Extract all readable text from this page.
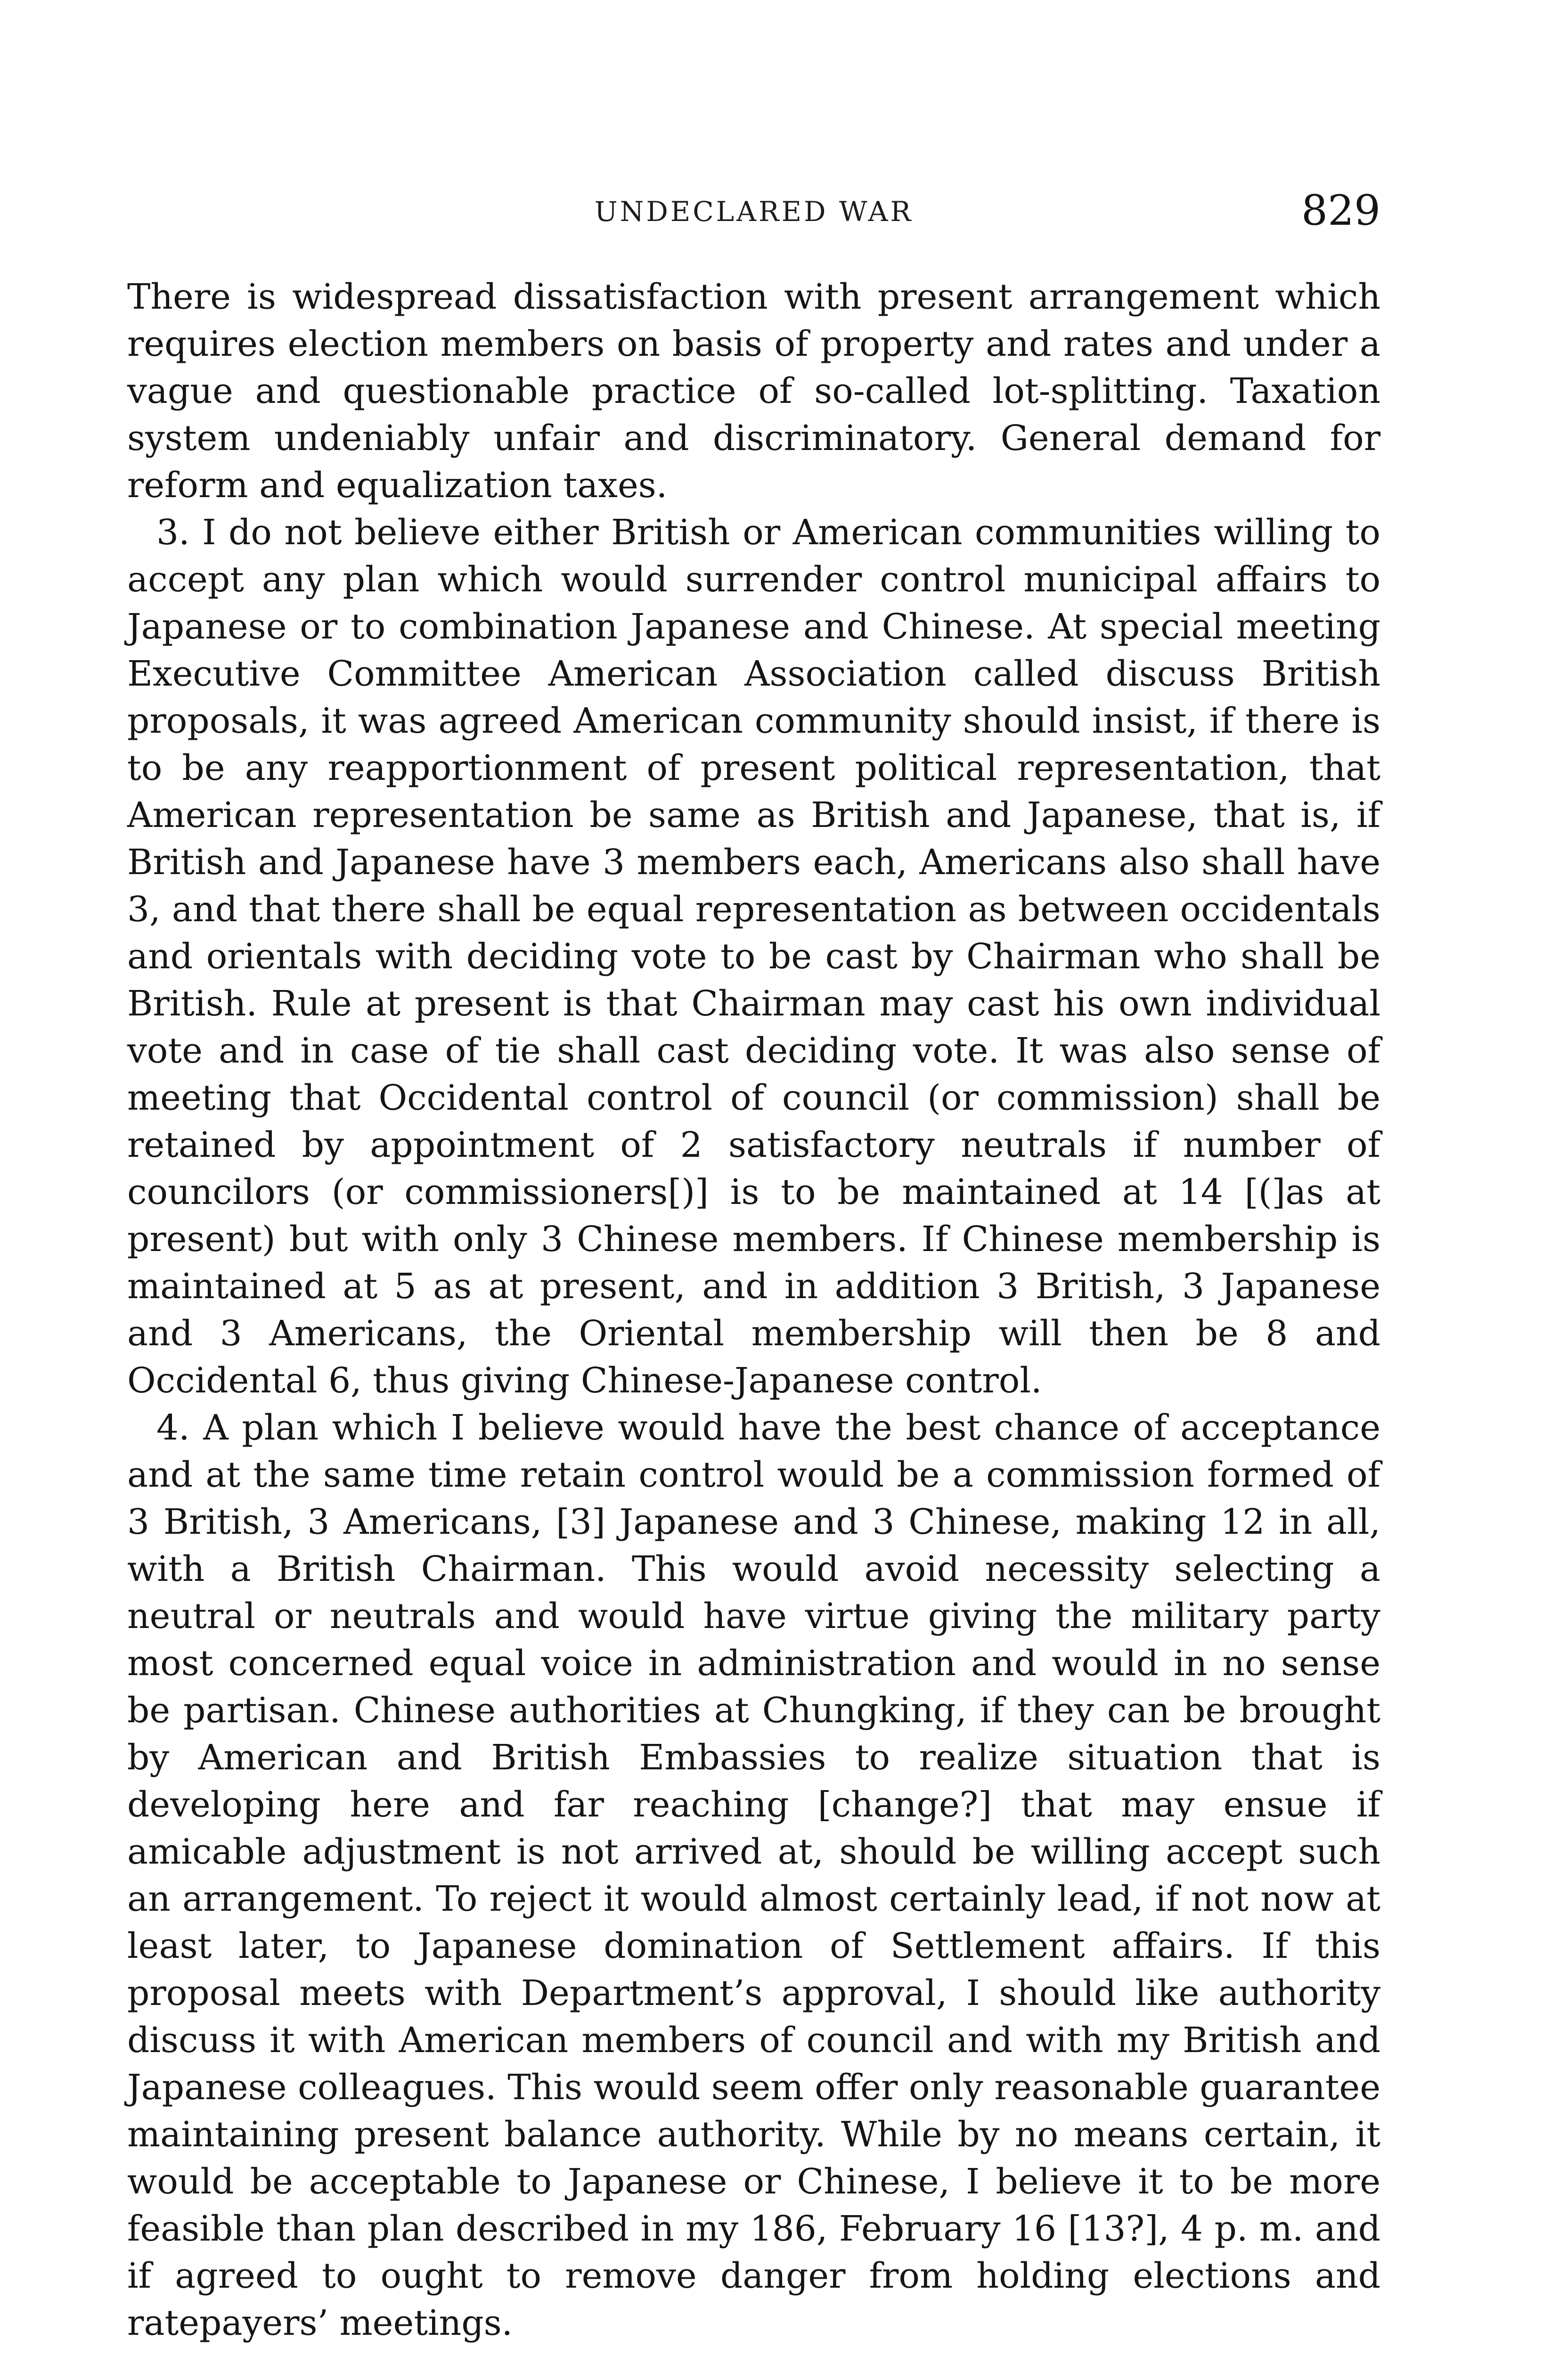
UNDECLARED WAR	829

There is widespread dissatisfaction with present arrangement which requires election members on basis of property and rates and under a vague and questionable practice of so-called lot-splitting. Taxation system undeniably unfair and discriminatory. General demand for reform and equalization taxes.

3. I do not believe either British or American communities willing to accept any plan which would surrender control municipal affairs to Japanese or to combination Japanese and Chinese. At special meeting Executive Committee American Association called discuss British proposals, it was agreed American community should insist, if there is to be any reapportionment of present political representation, that American representation be same as British and Japanese, that is, if British and Japanese have 3 members each, Americans also shall have 3, and that there shall be equal representation as between occidentals and orientals with deciding vote to be cast by Chairman who shall be British. Rule at present is that Chairman may cast his own individual vote and in case of tie shall cast deciding vote. It was also sense of meeting that Occidental control of council (or commission) shall be retained by appointment of 2 satisfactory neutrals if number of councilors (or commissioners[)] is to be maintained at 14 [(]as at present) but with only 3 Chinese members. If Chinese membership is maintained at 5 as at present, and in addition 3 British, 3 Japanese and 3 Americans, the Oriental membership will then be 8 and Occidental 6, thus giving Chinese-Japanese control.

4. A plan which I believe would have the best chance of acceptance and at the same time retain control would be a commission formed of 3 British, 3 Americans, [3] Japanese and 3 Chinese, making 12 in all, with a British Chairman. This would avoid necessity selecting a neutral or neutrals and would have virtue giving the military party most concerned equal voice in administration and would in no sense be partisan. Chinese authorities at Chungking, if they can be brought by American and British Embassies to realize situation that is developing here and far reaching [change?] that may ensue if amicable adjustment is not arrived at, should be willing accept such an arrangement. To reject it would almost certainly lead, if not now at least later, to Japanese domination of Settlement affairs. If this proposal meets with Department’s approval, I should like authority discuss it with American members of council and with my British and Japanese colleagues. This would seem offer only reasonable guarantee maintaining present balance authority. While by no means certain, it would be acceptable to Japanese or Chinese, I believe it to be more feasible than plan described in my 186, February 16 [13?], 4 p. m. and if agreed to ought to remove danger from holding elections and ratepayers’ meetings.
